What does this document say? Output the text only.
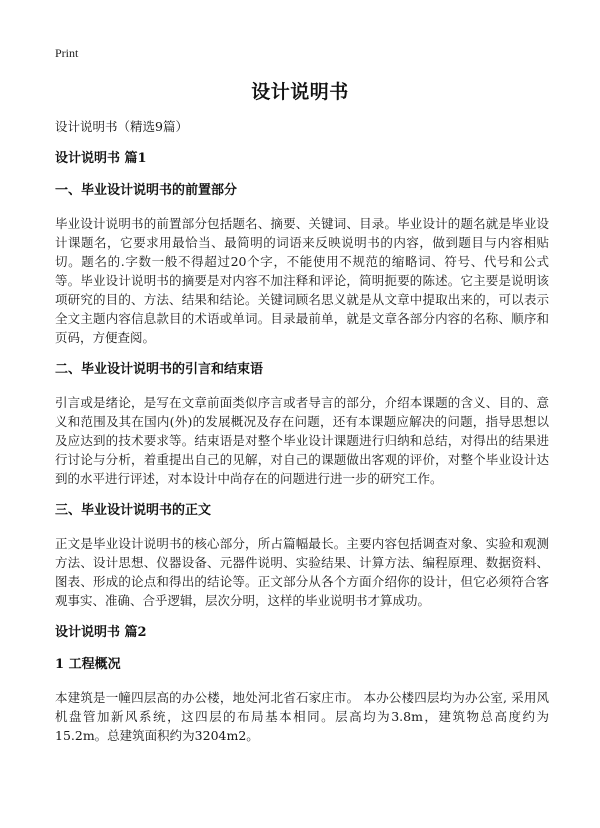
Print
设计说明书
设计说明书（精选9篇）
设计说明书 篇1
一、毕业设计说明书的前置部分

毕业设计说明书的前置部分包括题名、摘要、关键词、目录。毕业设计的题名就是毕业设计课题名，它要求用最恰当、最简明的词语来反映说明书的内容，做到题目与内容相贴切。题名的.字数一般不得超过20个字，不能使用不规范的缩略词、符号、代号和公式等。毕业设计说明书的摘要是对内容不加注释和评论，简明扼要的陈述。它主要是说明该项研究的目的、方法、结果和结论。关键词顾名思义就是从文章中提取出来的，可以表示全文主题内容信息款目的术语或单词。目录最前单，就是文章各部分内容的名称、顺序和页码，方便查阅。

二、毕业设计说明书的引言和结束语

引言或是绪论，是写在文章前面类似序言或者导言的部分，介绍本课题的含义、目的、意义和范围及其在国内(外)的发展概况及存在问题，还有本课题应解决的问题，指导思想以及应达到的技术要求等。结束语是对整个毕业设计课题进行归纳和总结，对得出的结果进行讨论与分析，着重提出自己的见解，对自己的课题做出客观的评价，对整个毕业设计达到的水平进行评述，对本设计中尚存在的问题进行进一步的研究工作。

三、毕业设计说明书的正文

正文是毕业设计说明书的核心部分，所占篇幅最长。主要内容包括调查对象、实验和观测方法、设计思想、仪器设备、元器件说明、实验结果、计算方法、编程原理、数据资料、图表、形成的论点和得出的结论等。正文部分从各个方面介绍你的设计，但它必须符合客观事实、准确、合乎逻辑，层次分明，这样的毕业说明书才算成功。

设计说明书 篇2
1 工程概况

本建筑是一幢四层高的办公楼，地处河北省石家庄市。 本办公楼四层均为办公室, 采用风机盘管加新风系统，这四层的布局基本相同。层高均为3.8m，建筑物总高度约为15.2m。总建筑面积约为3204m2。
